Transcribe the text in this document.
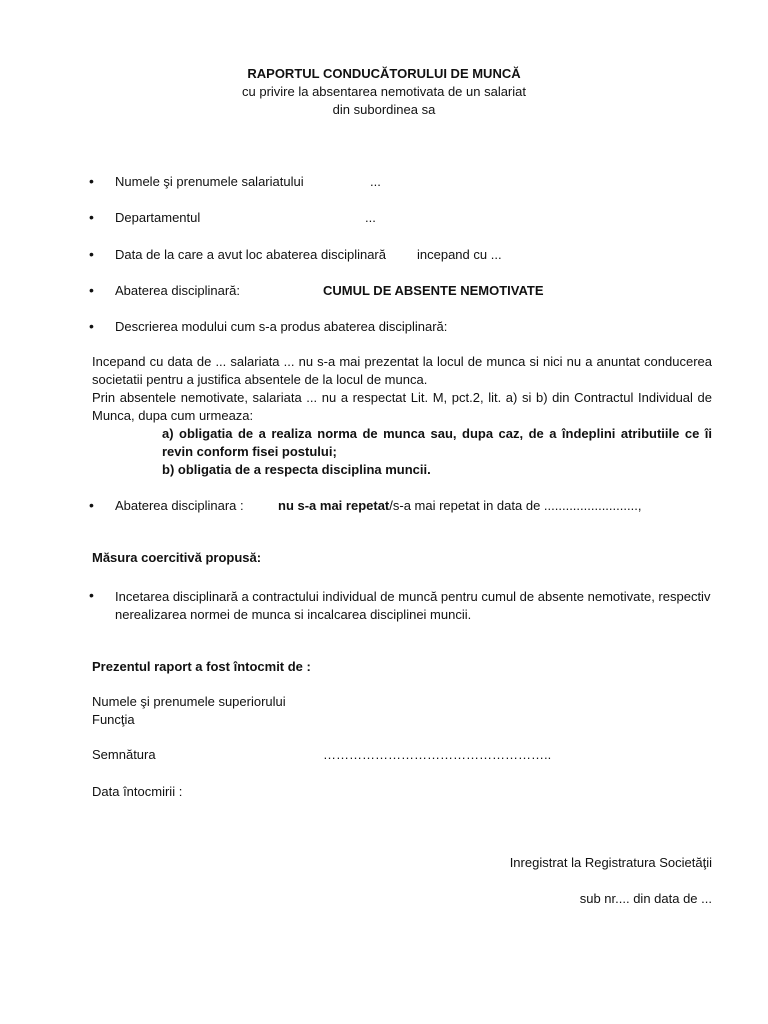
RAPORTUL CONDUCĂTORULUI DE MUNCĂ
cu privire la absentarea nemotivata de un salariat
din subordinea sa
• Numele şi prenumele salariatului	...
• Departamentul	...
• Data de la care a avut loc abaterea disciplinară incepand cu ...
• Abaterea disciplinară:	CUMUL DE ABSENTE NEMOTIVATE
• Descrierea modului cum s-a produs abaterea disciplinară:
Incepand cu data de ... salariata ... nu s-a mai prezentat la locul de munca si nici nu a anuntat conducerea societatii pentru a justifica absentele de la locul de munca.
Prin absentele nemotivate, salariata ... nu a respectat Lit. M, pct.2, lit. a) si b) din Contractul Individual de Munca, dupa cum urmeaza:
a) obligatia de a realiza norma de munca sau, dupa caz, de a îndeplini atributiile ce îi revin conform fisei postului;
b) obligatia de a respecta disciplina muncii.
• Abaterea disciplinara :	nu s-a mai repetat/s-a mai repetat in data de ..........................,
Măsura coercitivă propusă:
• Incetarea disciplinară a contractului individual de muncă pentru cumul de absente nemotivate, respectiv nerealizarea normei de munca si incalcarea disciplinei muncii.
Prezentul raport a fost întocmit de :
Numele şi prenumele superiorului
Funcţia
Semnătura	……………………………………………..
Data întocmirii :
Inregistrat la Registratura Societăţii
sub nr.... din data de ...
